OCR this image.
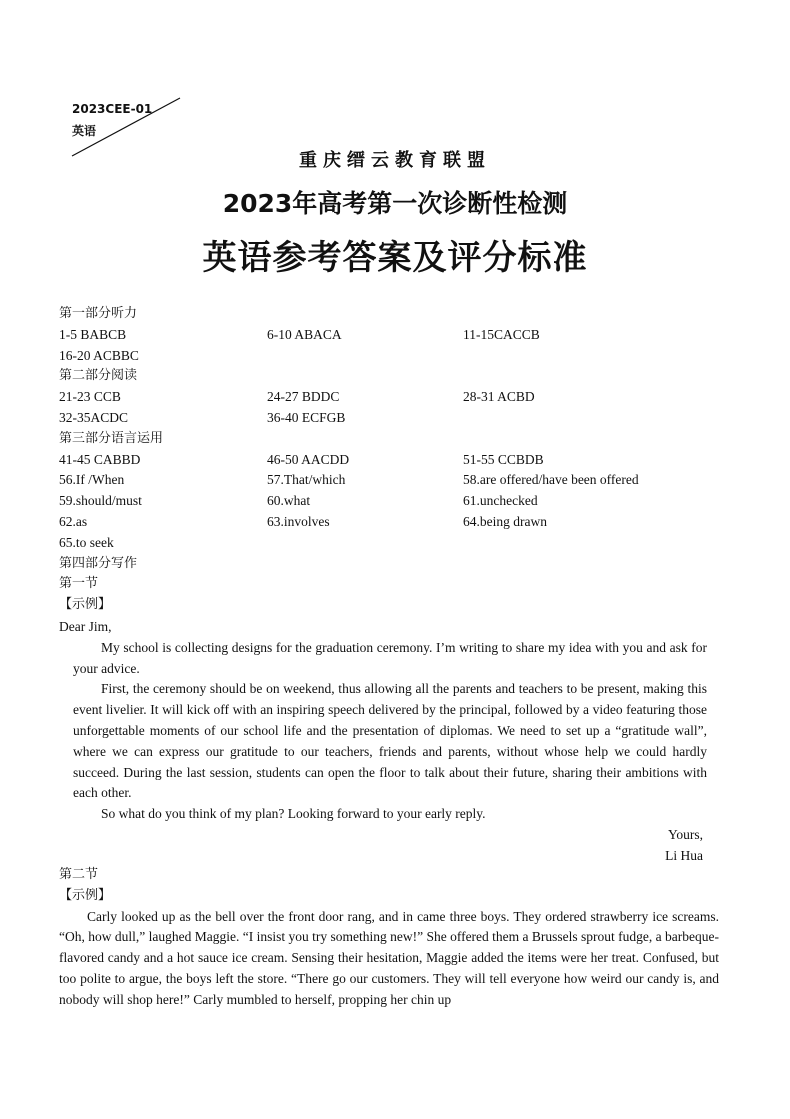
2023CEE-01
英语
重庆缙云教育联盟
2023年高考第一次诊断性检测
英语参考答案及评分标准
第一部分听力
1-5 BABCB	6-10 ABACA	11-15CACCB
16-20 ACBBC
第二部分阅读
21-23 CCB	24-27 BDDC	28-31 ACBD
32-35ACDC	36-40 ECFGB
第三部分语言运用
41-45 CABBD	46-50 AACDD	51-55 CCBDB
56.If /When	57.That/which	58.are offered/have been offered
59.should/must	60.what	61.unchecked
62.as	63.involves	64.being drawn
65.to seek
第四部分写作
第一节
【示例】

Dear Jim,

My school is collecting designs for the graduation ceremony. I’m writing to share my idea with you and ask for your advice.

First, the ceremony should be on weekend, thus allowing all the parents and teachers to be present, making this event livelier. It will kick off with an inspiring speech delivered by the principal, followed by a video featuring those unforgettable moments of our school life and the presentation of diplomas. We need to set up a “gratitude wall”, where we can express our gratitude to our teachers, friends and parents, without whose help we could hardly succeed. During the last session, students can open the floor to talk about their future, sharing their ambitions with each other.

So what do you think of my plan? Looking forward to your early reply.

Yours,

Li Hua

第二节
【示例】

Carly looked up as the bell over the front door rang, and in came three boys. They ordered strawberry ice screams. “Oh, how dull,” laughed Maggie. “I insist you try something new!” She offered them a Brussels sprout fudge, a barbeque-flavored candy and a hot sauce ice cream. Sensing their hesitation, Maggie added the items were her treat. Confused, but too polite to argue, the boys left the store. “There go our customers. They will tell everyone how weird our candy is, and nobody will shop here!” Carly mumbled to herself, propping her chin up
